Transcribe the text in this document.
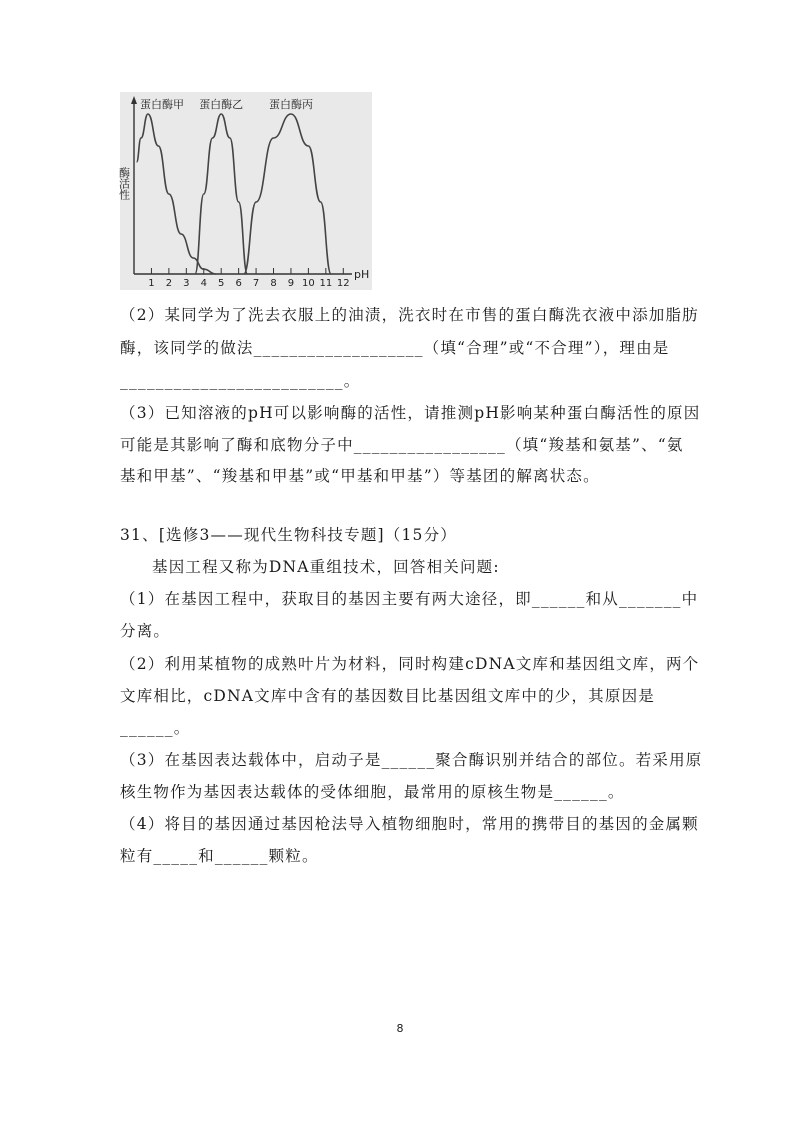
pH
酶活性
1 2 3 4 5 6 7 8 9 10 11 12
蛋白酶甲 蛋白酶乙 蛋白酶丙
（2）某同学为了洗去衣服上的油渍，洗衣时在市售的蛋白酶洗衣液中添加脂肪
酶，该同学的做法___________________（填“合理”或“不合理”），理由是
_________________________。
（3）已知溶液的pH可以影响酶的活性，请推测pH影响某种蛋白酶活性的原因
可能是其影响了酶和底物分子中_________________（填“羧基和氨基”、“氨
基和甲基”、“羧基和甲基”或“甲基和甲基”）等基团的解离状态。
31、[选修3——现代生物科技专题]（15分）
基因工程又称为DNA重组技术，回答相关问题:
（1）在基因工程中，获取目的基因主要有两大途径，即______和从_______中
分离。
（2）利用某植物的成熟叶片为材料，同时构建cDNA文库和基因组文库，两个
文库相比，cDNA文库中含有的基因数目比基因组文库中的少，其原因是
______。
（3）在基因表达载体中，启动子是______聚合酶识别并结合的部位。若采用原
核生物作为基因表达载体的受体细胞，最常用的原核生物是______。
（4）将目的基因通过基因枪法导入植物细胞时，常用的携带目的基因的金属颗
粒有_____和______颗粒。
8
